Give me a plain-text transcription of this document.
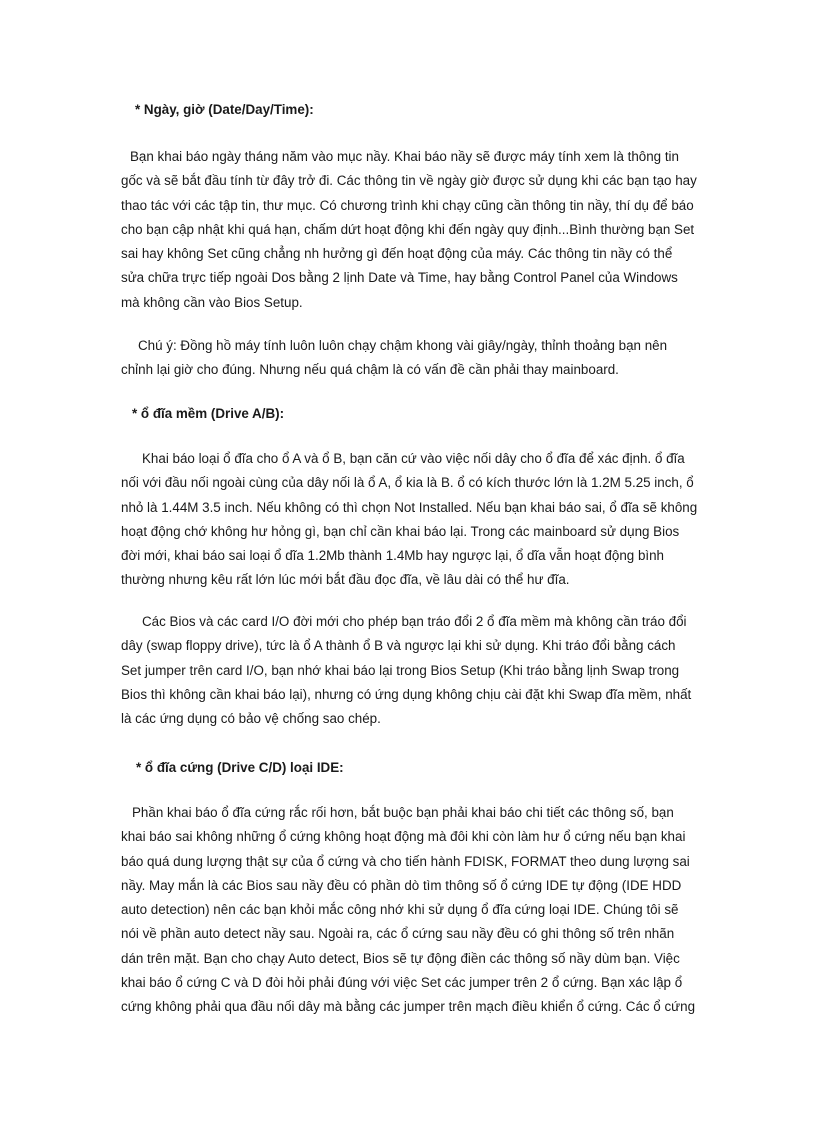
* Ngày, giờ (Date/Day/Time):
Bạn khai báo ngày tháng năm vào mục nầy. Khai báo nầy sẽ được máy tính xem là thông tin
gốc và sẽ bắt đầu tính từ đây trở đi. Các thông tin về ngày giờ được sử dụng khi các bạn tạo hay
thao tác với các tập tin, thư mục. Có chương trình khi chạy cũng cần thông tin nầy, thí dụ để báo
cho bạn cập nhật khi quá hạn, chấm dứt hoạt động khi đến ngày quy định...Bình thường bạn Set
sai hay không Set cũng chẳng nh hưởng gì đến hoạt động của máy. Các thông tin nầy có thể
sửa chữa trực tiếp ngoài Dos bằng 2 lịnh Date và Time, hay bằng Control Panel của Windows
mà không cần vào Bios Setup.
Chú ý: Đồng hồ máy tính luôn luôn chạy chậm khong vài giây/ngày, thỉnh thoảng bạn nên
chỉnh lại giờ cho đúng. Nhưng nếu quá chậm là có vấn đề cần phải thay mainboard.
* ổ đĩa mềm (Drive A/B):
Khai báo loại ổ đĩa cho ổ A và ổ B, bạn căn cứ vào việc nối dây cho ổ đĩa để xác định. ổ đĩa
nối với đầu nối ngoài cùng của dây nối là ổ A, ổ kia là B. ổ có kích thước lớn là 1.2M 5.25 inch, ổ
nhỏ là 1.44M 3.5 inch. Nếu không có thì chọn Not Installed. Nếu bạn khai báo sai, ổ đĩa sẽ không
hoạt động chớ không hư hỏng gì, bạn chỉ cần khai báo lại. Trong các mainboard sử dụng Bios
đời mới, khai báo sai loại ổ dĩa 1.2Mb thành 1.4Mb hay ngược lại, ổ dĩa vẫn hoạt động bình
thường nhưng kêu rất lớn lúc mới bắt đầu đọc đĩa, về lâu dài có thể hư đĩa.
Các Bios và các card I/O đời mới cho phép bạn tráo đổi 2 ổ đĩa mềm mà không cần tráo đổi
dây (swap floppy drive), tức là ổ A thành ổ B và ngược lại khi sử dụng. Khi tráo đổi bằng cách
Set jumper trên card I/O, bạn nhớ khai báo lại trong Bios Setup (Khi tráo bằng lịnh Swap trong
Bios thì không cần khai báo lại), nhưng có ứng dụng không chịu cài đặt khi Swap đĩa mềm, nhất
là các ứng dụng có bảo vệ chống sao chép.
* ổ đĩa cứng (Drive C/D) loại IDE:
Phần khai báo ổ đĩa cứng rắc rối hơn, bắt buộc bạn phải khai báo chi tiết các thông số, bạn
khai báo sai không những ổ cứng không hoạt động mà đôi khi còn làm hư ổ cứng nếu bạn khai
báo quá dung lượng thật sự của ổ cứng và cho tiến hành FDISK, FORMAT theo dung lượng sai
nầy. May mắn là các Bios sau nầy đều có phần dò tìm thông số ổ cứng IDE tự động (IDE HDD
auto detection) nên các bạn khỏi mắc công nhớ khi sử dụng ổ đĩa cứng loại IDE. Chúng tôi sẽ
nói về phần auto detect nầy sau. Ngoài ra, các ổ cứng sau nầy đều có ghi thông số trên nhãn
dán trên mặt. Bạn cho chạy Auto detect, Bios sẽ tự động điền các thông số nầy dùm bạn. Việc
khai báo ổ cứng C và D đòi hỏi phải đúng với việc Set các jumper trên 2 ổ cứng. Bạn xác lập ổ
cứng không phải qua đầu nối dây mà bằng các jumper trên mạch điều khiển ổ cứng. Các ổ cứng
